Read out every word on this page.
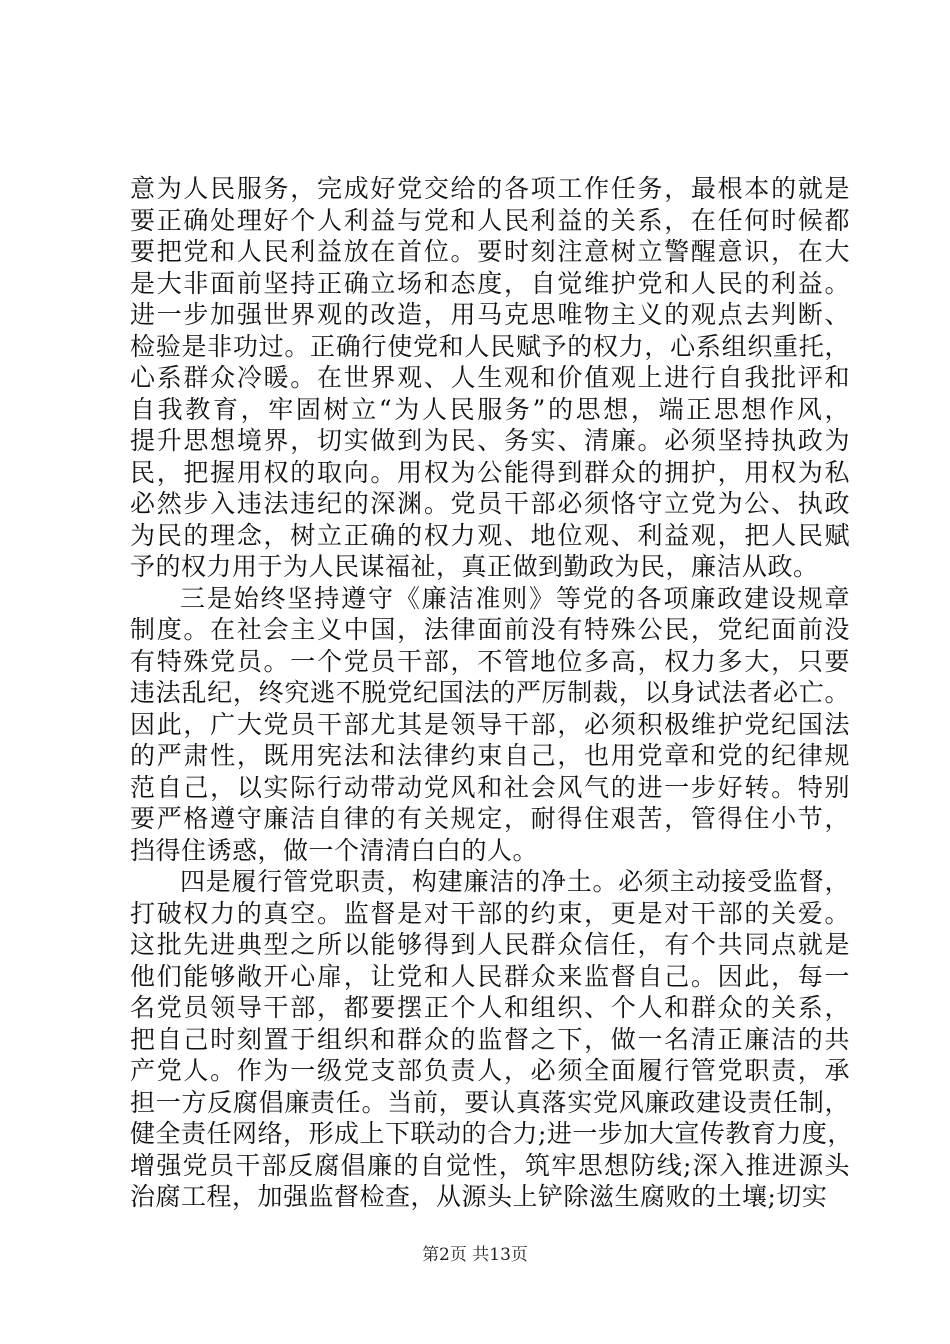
意为人民服务，完成好党交给的各项工作任务，最根本的就是
要正确处理好个人利益与党和人民利益的关系，在任何时候都
要把党和人民利益放在首位。要时刻注意树立警醒意识，在大
是大非面前坚持正确立场和态度，自觉维护党和人民的利益。
进一步加强世界观的改造，用马克思唯物主义的观点去判断、
检验是非功过。正确行使党和人民赋予的权力，心系组织重托，
心系群众冷暖。在世界观、人生观和价值观上进行自我批评和
自我教育，牢固树立“为人民服务”的思想，端正思想作风，
提升思想境界，切实做到为民、务实、清廉。必须坚持执政为
民，把握用权的取向。用权为公能得到群众的拥护，用权为私
必然步入违法违纪的深渊。党员干部必须恪守立党为公、执政
为民的理念，树立正确的权力观、地位观、利益观，把人民赋
予的权力用于为人民谋福祉，真正做到勤政为民，廉洁从政。
三是始终坚持遵守《廉洁准则》等党的各项廉政建设规章
制度。在社会主义中国，法律面前没有特殊公民，党纪面前没
有特殊党员。一个党员干部，不管地位多高，权力多大，只要
违法乱纪，终究逃不脱党纪国法的严厉制裁，以身试法者必亡。
因此，广大党员干部尤其是领导干部，必须积极维护党纪国法
的严肃性，既用宪法和法律约束自己，也用党章和党的纪律规
范自己，以实际行动带动党风和社会风气的进一步好转。特别
要严格遵守廉洁自律的有关规定，耐得住艰苦，管得住小节，
挡得住诱惑，做一个清清白白的人。
四是履行管党职责，构建廉洁的净土。必须主动接受监督，
打破权力的真空。监督是对干部的约束，更是对干部的关爱。
这批先进典型之所以能够得到人民群众信任，有个共同点就是
他们能够敞开心扉，让党和人民群众来监督自己。因此，每一
名党员领导干部，都要摆正个人和组织、个人和群众的关系，
把自己时刻置于组织和群众的监督之下，做一名清正廉洁的共
产党人。作为一级党支部负责人，必须全面履行管党职责，承
担一方反腐倡廉责任。当前，要认真落实党风廉政建设责任制，
健全责任网络，形成上下联动的合力;进一步加大宣传教育力度，
增强党员干部反腐倡廉的自觉性，筑牢思想防线;深入推进源头
治腐工程，加强监督检查，从源头上铲除滋生腐败的土壤;切实
第2页 共13页
